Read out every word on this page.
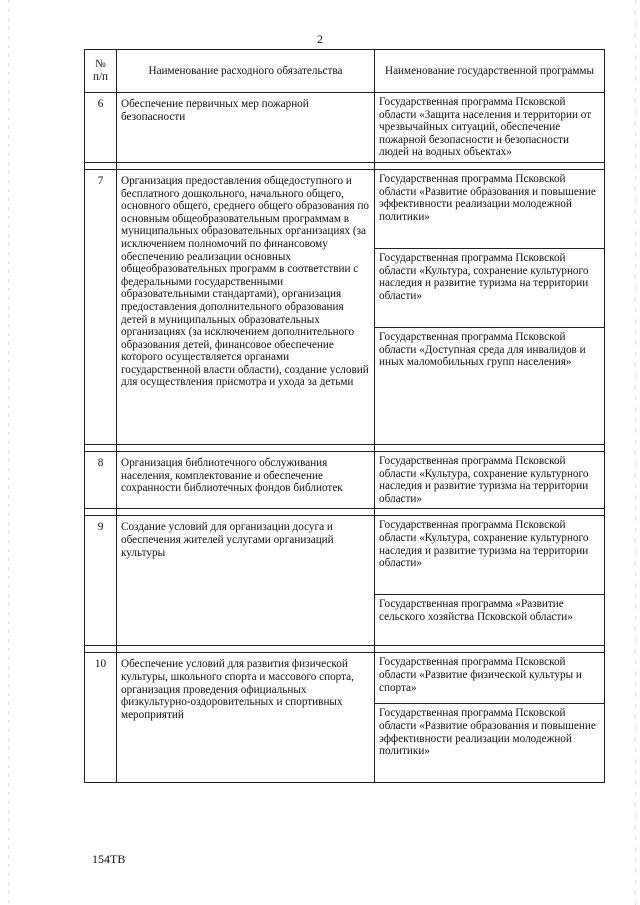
2
№
п/п	Наименование расходного обязательства	Наименование государственной программы
6	Обеспечение первичных мер пожарной безопасности	Государственная программа Псковской области «Защита населения и территории от чрезвычайных ситуаций, обеспечение пожарной безопасности и безопасности людей на водных объектах»

7	Организация предоставления общедоступного и бесплатного дошкольного, начального общего, основного общего, среднего общего образования по основным общеобразовательным программам в муниципальных образовательных организациях (за исключением полномочий по финансовому обеспечению реализации основных общеобразовательных программ в соответствии с федеральными государственными образовательными стандартами), организация предоставления дополнительного образования детей в муниципальных образовательных организациях (за исключением дополнительного образования детей, финансовое обеспечение которого осуществляется органами государственной власти области), создание условий для осуществления присмотра и ухода за детьми	Государственная программа Псковской области «Развитие образования и повышение эффективности реализации молодежной политики»
		Государственная программа Псковской области «Культура, сохранение культурного наследия и развитие туризма на территории области»
		Государственная программа Псковской области «Доступная среда для инвалидов и иных маломобильных групп населения»

8	Организация библиотечного обслуживания населения, комплектование и обеспечение сохранности библиотечных фондов библиотек	Государственная программа Псковской области «Культура, сохранение культурного наследия и развитие туризма на территории области»

9	Создание условий для организации досуга и обеспечения жителей услугами организаций культуры	Государственная программа Псковской области «Культура, сохранение культурного наследия и развитие туризма на территории области»
		Государственная программа «Развитие сельского хозяйства Псковской области»

10	Обеспечение условий для развития физической культуры, школьного спорта и массового спорта, организация проведения официальных физкультурно-оздоровительных и спортивных мероприятий	Государственная программа Псковской области «Развитие физической культуры и спорта»
		Государственная программа Псковской области «Развитие образования и повышение эффективности реализации молодежной политики»
154ТВ
